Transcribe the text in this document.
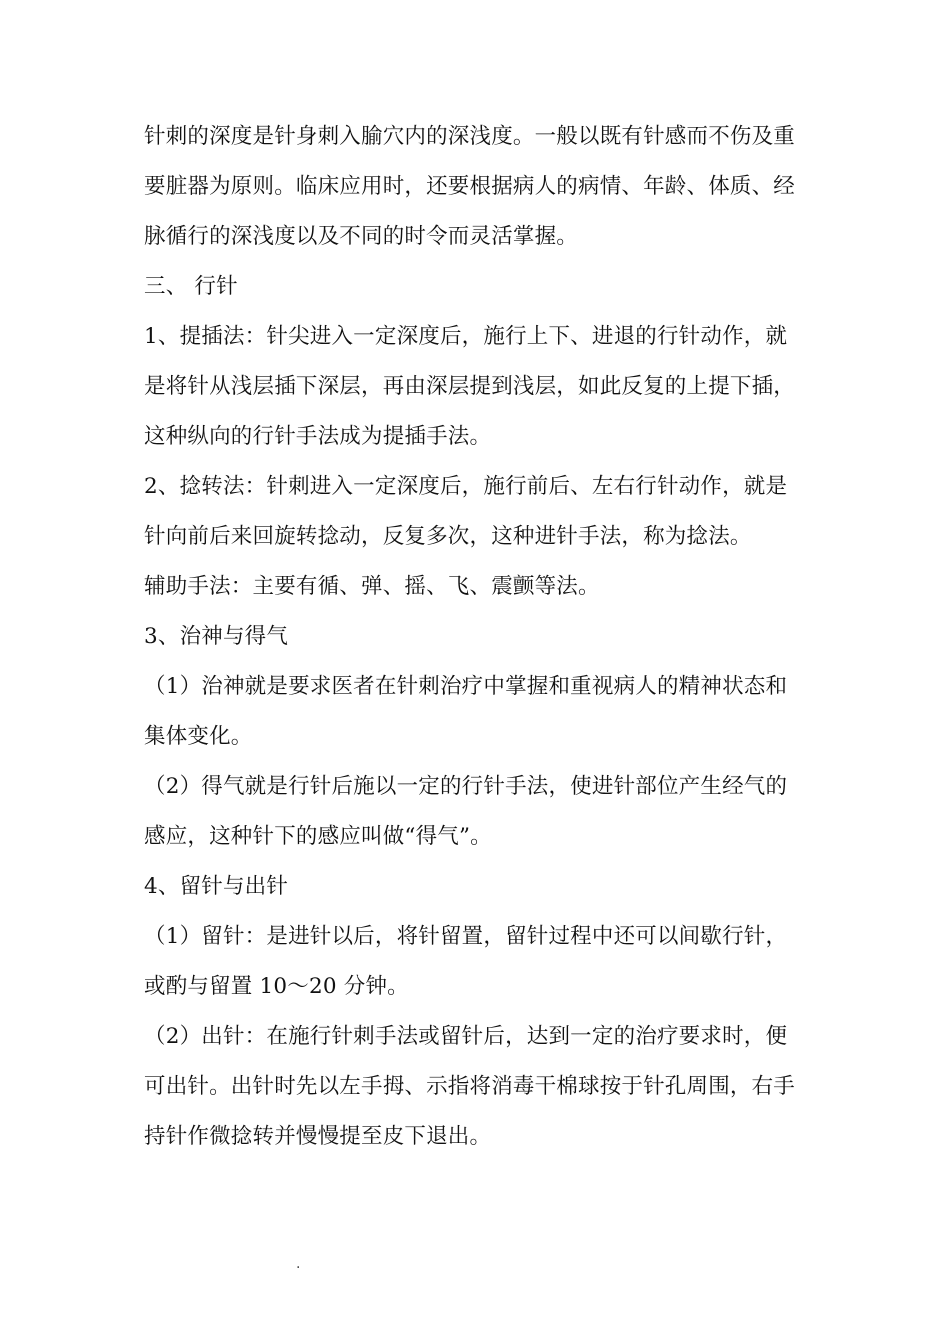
针刺的深度是针身刺入腧穴内的深浅度。一般以既有针感而不伤及重
要脏器为原则。临床应用时，还要根据病人的病情、年龄、体质、经
脉循行的深浅度以及不同的时令而灵活掌握。
三、 行针
1、提插法：针尖进入一定深度后，施行上下、进退的行针动作，就
是将针从浅层插下深层，再由深层提到浅层，如此反复的上提下插，
这种纵向的行针手法成为提插手法。
2、捻转法：针刺进入一定深度后，施行前后、左右行针动作，就是
针向前后来回旋转捻动，反复多次，这种进针手法，称为捻法。
辅助手法：主要有循、弹、摇、飞、震颤等法。
3、治神与得气
（1）治神就是要求医者在针刺治疗中掌握和重视病人的精神状态和
集体变化。
（2）得气就是行针后施以一定的行针手法，使进针部位产生经气的
感应，这种针下的感应叫做“得气”。
4、留针与出针
（1）留针：是进针以后，将针留置，留针过程中还可以间歇行针，
或酌与留置 10～20 分钟。
（2）出针：在施行针刺手法或留针后，达到一定的治疗要求时，便
可出针。出针时先以左手拇、示指将消毒干棉球按于针孔周围，右手
持针作微捻转并慢慢提至皮下退出。
.
